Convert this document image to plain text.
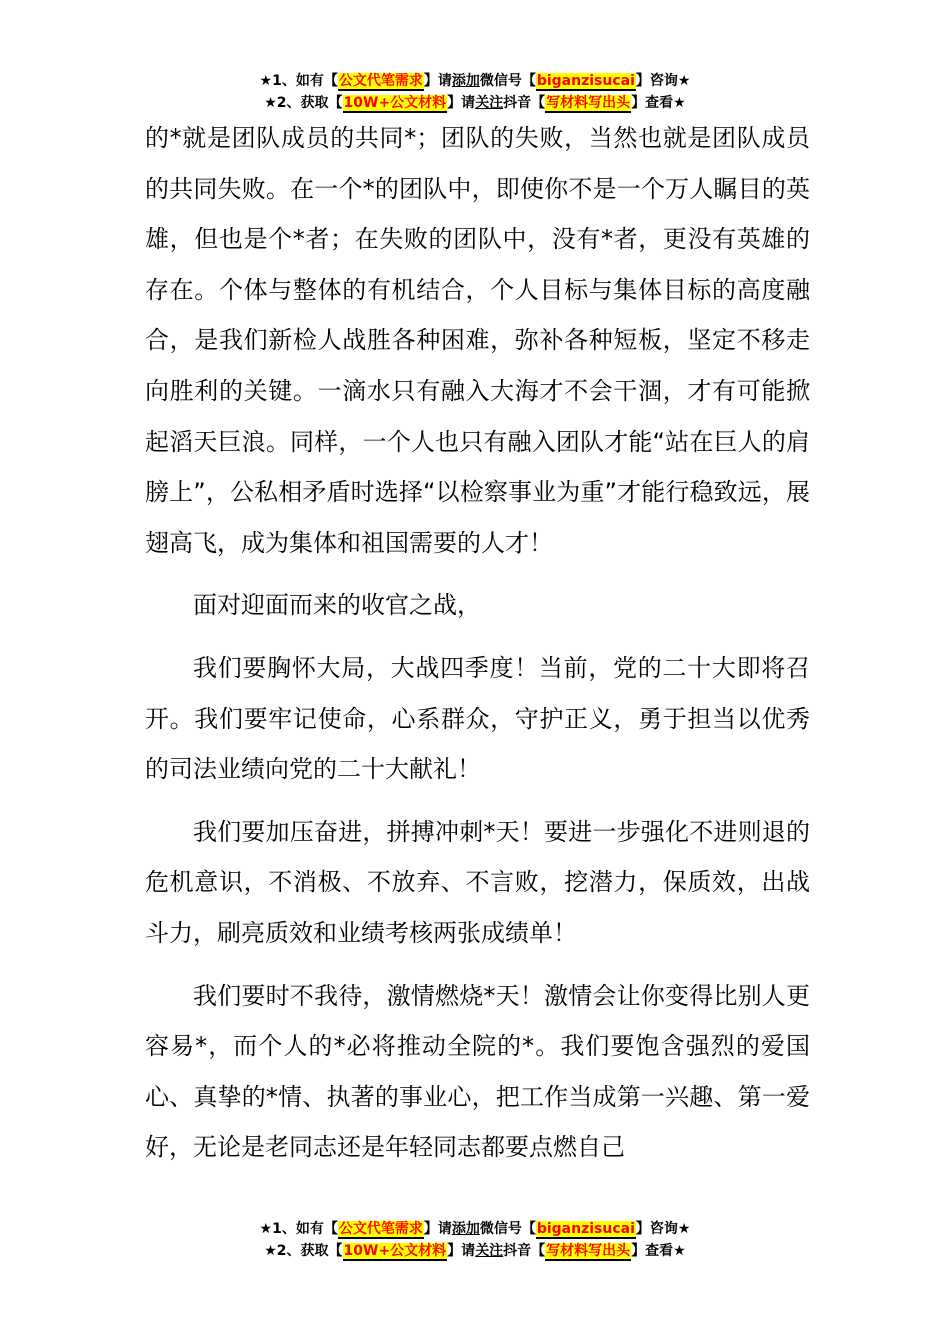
★1、如有【公文代笔需求】请添加微信号【biganzisucai】咨询★
★2、获取【10W+公文材料】请关注抖音【写材料写出头】查看★

的*就是团队成员的共同*；团队的失败，当然也就是团队成员的共同失败。在一个*的团队中，即使你不是一个万人瞩目的英雄，但也是个*者；在失败的团队中，没有*者，更没有英雄的存在。个体与整体的有机结合，个人目标与集体目标的高度融合，是我们新检人战胜各种困难，弥补各种短板，坚定不移走向胜利的关键。一滴水只有融入大海才不会干涸，才有可能掀起滔天巨浪。同样，一个人也只有融入团队才能“站在巨人的肩膀上”，公私相矛盾时选择“以检察事业为重”才能行稳致远，展翅高飞，成为集体和祖国需要的人才！

面对迎面而来的收官之战，

我们要胸怀大局，大战四季度！当前，党的二十大即将召开。我们要牢记使命，心系群众，守护正义，勇于担当以优秀的司法业绩向党的二十大献礼！

我们要加压奋进，拼搏冲刺*天！要进一步强化不进则退的危机意识，不消极、不放弃、不言败，挖潜力，保质效，出战斗力，刷亮质效和业绩考核两张成绩单！

我们要时不我待，激情燃烧*天！激情会让你变得比别人更容易*，而个人的*必将推动全院的*。我们要饱含强烈的爱国心、真挚的*情、执著的事业心，把工作当成第一兴趣、第一爱好，无论是老同志还是年轻同志都要点燃自己

★1、如有【公文代笔需求】请添加微信号【biganzisucai】咨询★
★2、获取【10W+公文材料】请关注抖音【写材料写出头】查看★
